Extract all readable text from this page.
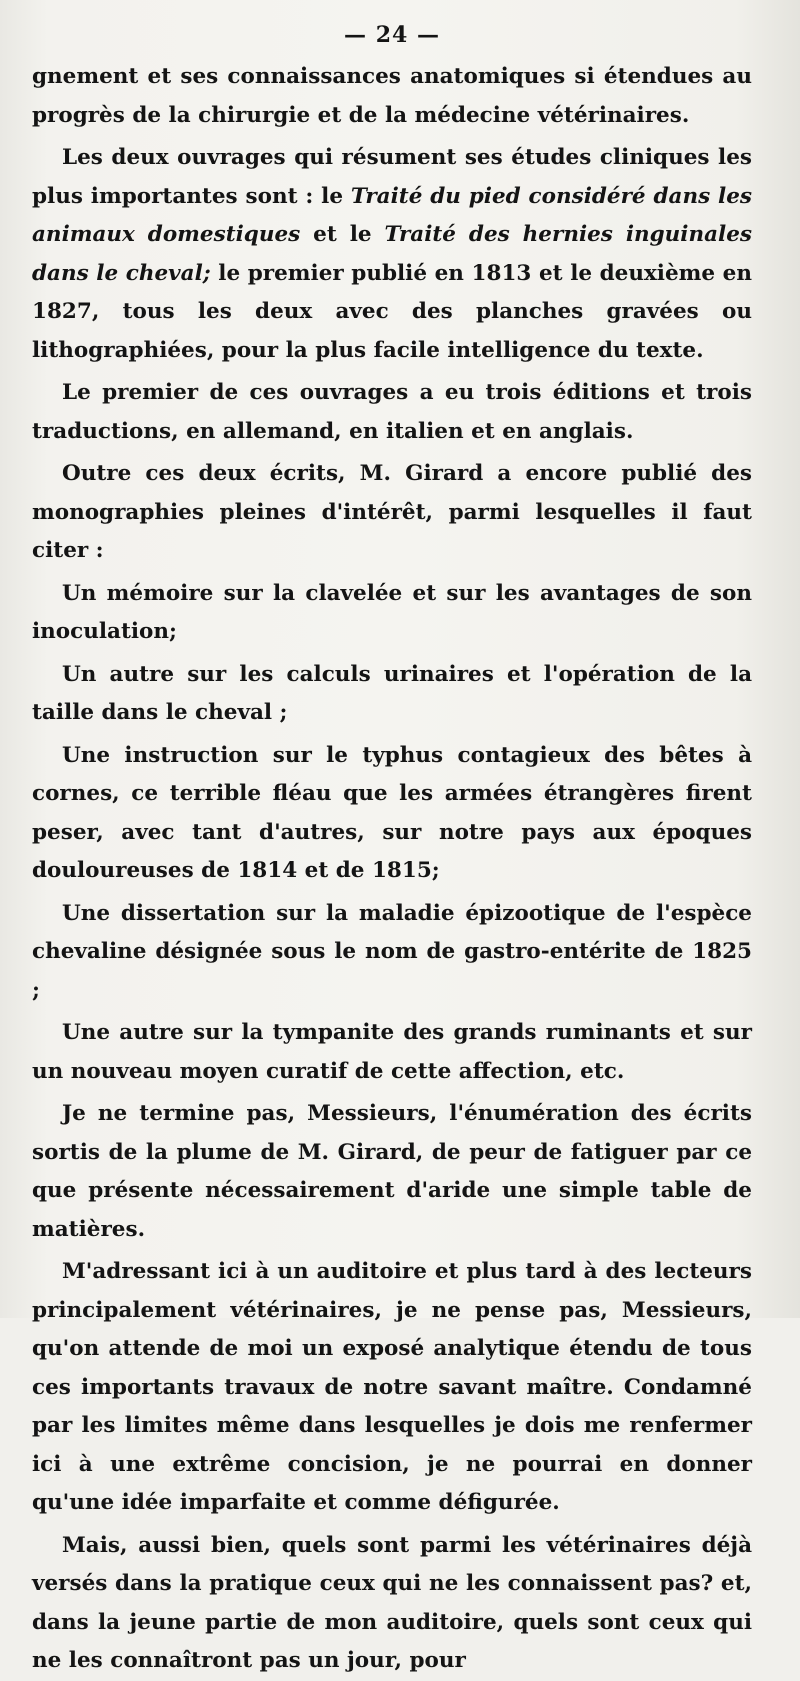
— 24 —

gnement et ses connaissances anatomiques si étendues au progrès de la chirurgie et de la médecine vétérinaires.

Les deux ouvrages qui résument ses études cliniques les plus importantes sont : le Traité du pied considéré dans les animaux domestiques et le Traité des hernies inguinales dans le cheval; le premier publié en 1813 et le deuxième en 1827, tous les deux avec des planches gravées ou lithographiées, pour la plus facile intelligence du texte.

Le premier de ces ouvrages a eu trois éditions et trois traductions, en allemand, en italien et en anglais.

Outre ces deux écrits, M. Girard a encore publié des monographies pleines d'intérêt, parmi lesquelles il faut citer :

Un mémoire sur la clavelée et sur les avantages de son inoculation;

Un autre sur les calculs urinaires et l'opération de la taille dans le cheval ;

Une instruction sur le typhus contagieux des bêtes à cornes, ce terrible fléau que les armées étrangères firent peser, avec tant d'autres, sur notre pays aux époques douloureuses de 1814 et de 1815;

Une dissertation sur la maladie épizootique de l'espèce chevaline désignée sous le nom de gastro-entérite de 1825 ;

Une autre sur la tympanite des grands ruminants et sur un nouveau moyen curatif de cette affection, etc.

Je ne termine pas, Messieurs, l'énumération des écrits sortis de la plume de M. Girard, de peur de fatiguer par ce que présente nécessairement d'aride une simple table de matières.

M'adressant ici à un auditoire et plus tard à des lecteurs principalement vétérinaires, je ne pense pas, Messieurs, qu'on attende de moi un exposé analytique étendu de tous ces importants travaux de notre savant maître. Condamné par les limites même dans lesquelles je dois me renfermer ici à une extrême concision, je ne pourrai en donner qu'une idée imparfaite et comme défigurée.

Mais, aussi bien, quels sont parmi les vétérinaires déjà versés dans la pratique ceux qui ne les connaissent pas? et, dans la jeune partie de mon auditoire, quels sont ceux qui ne les connaîtront pas un jour, pour
